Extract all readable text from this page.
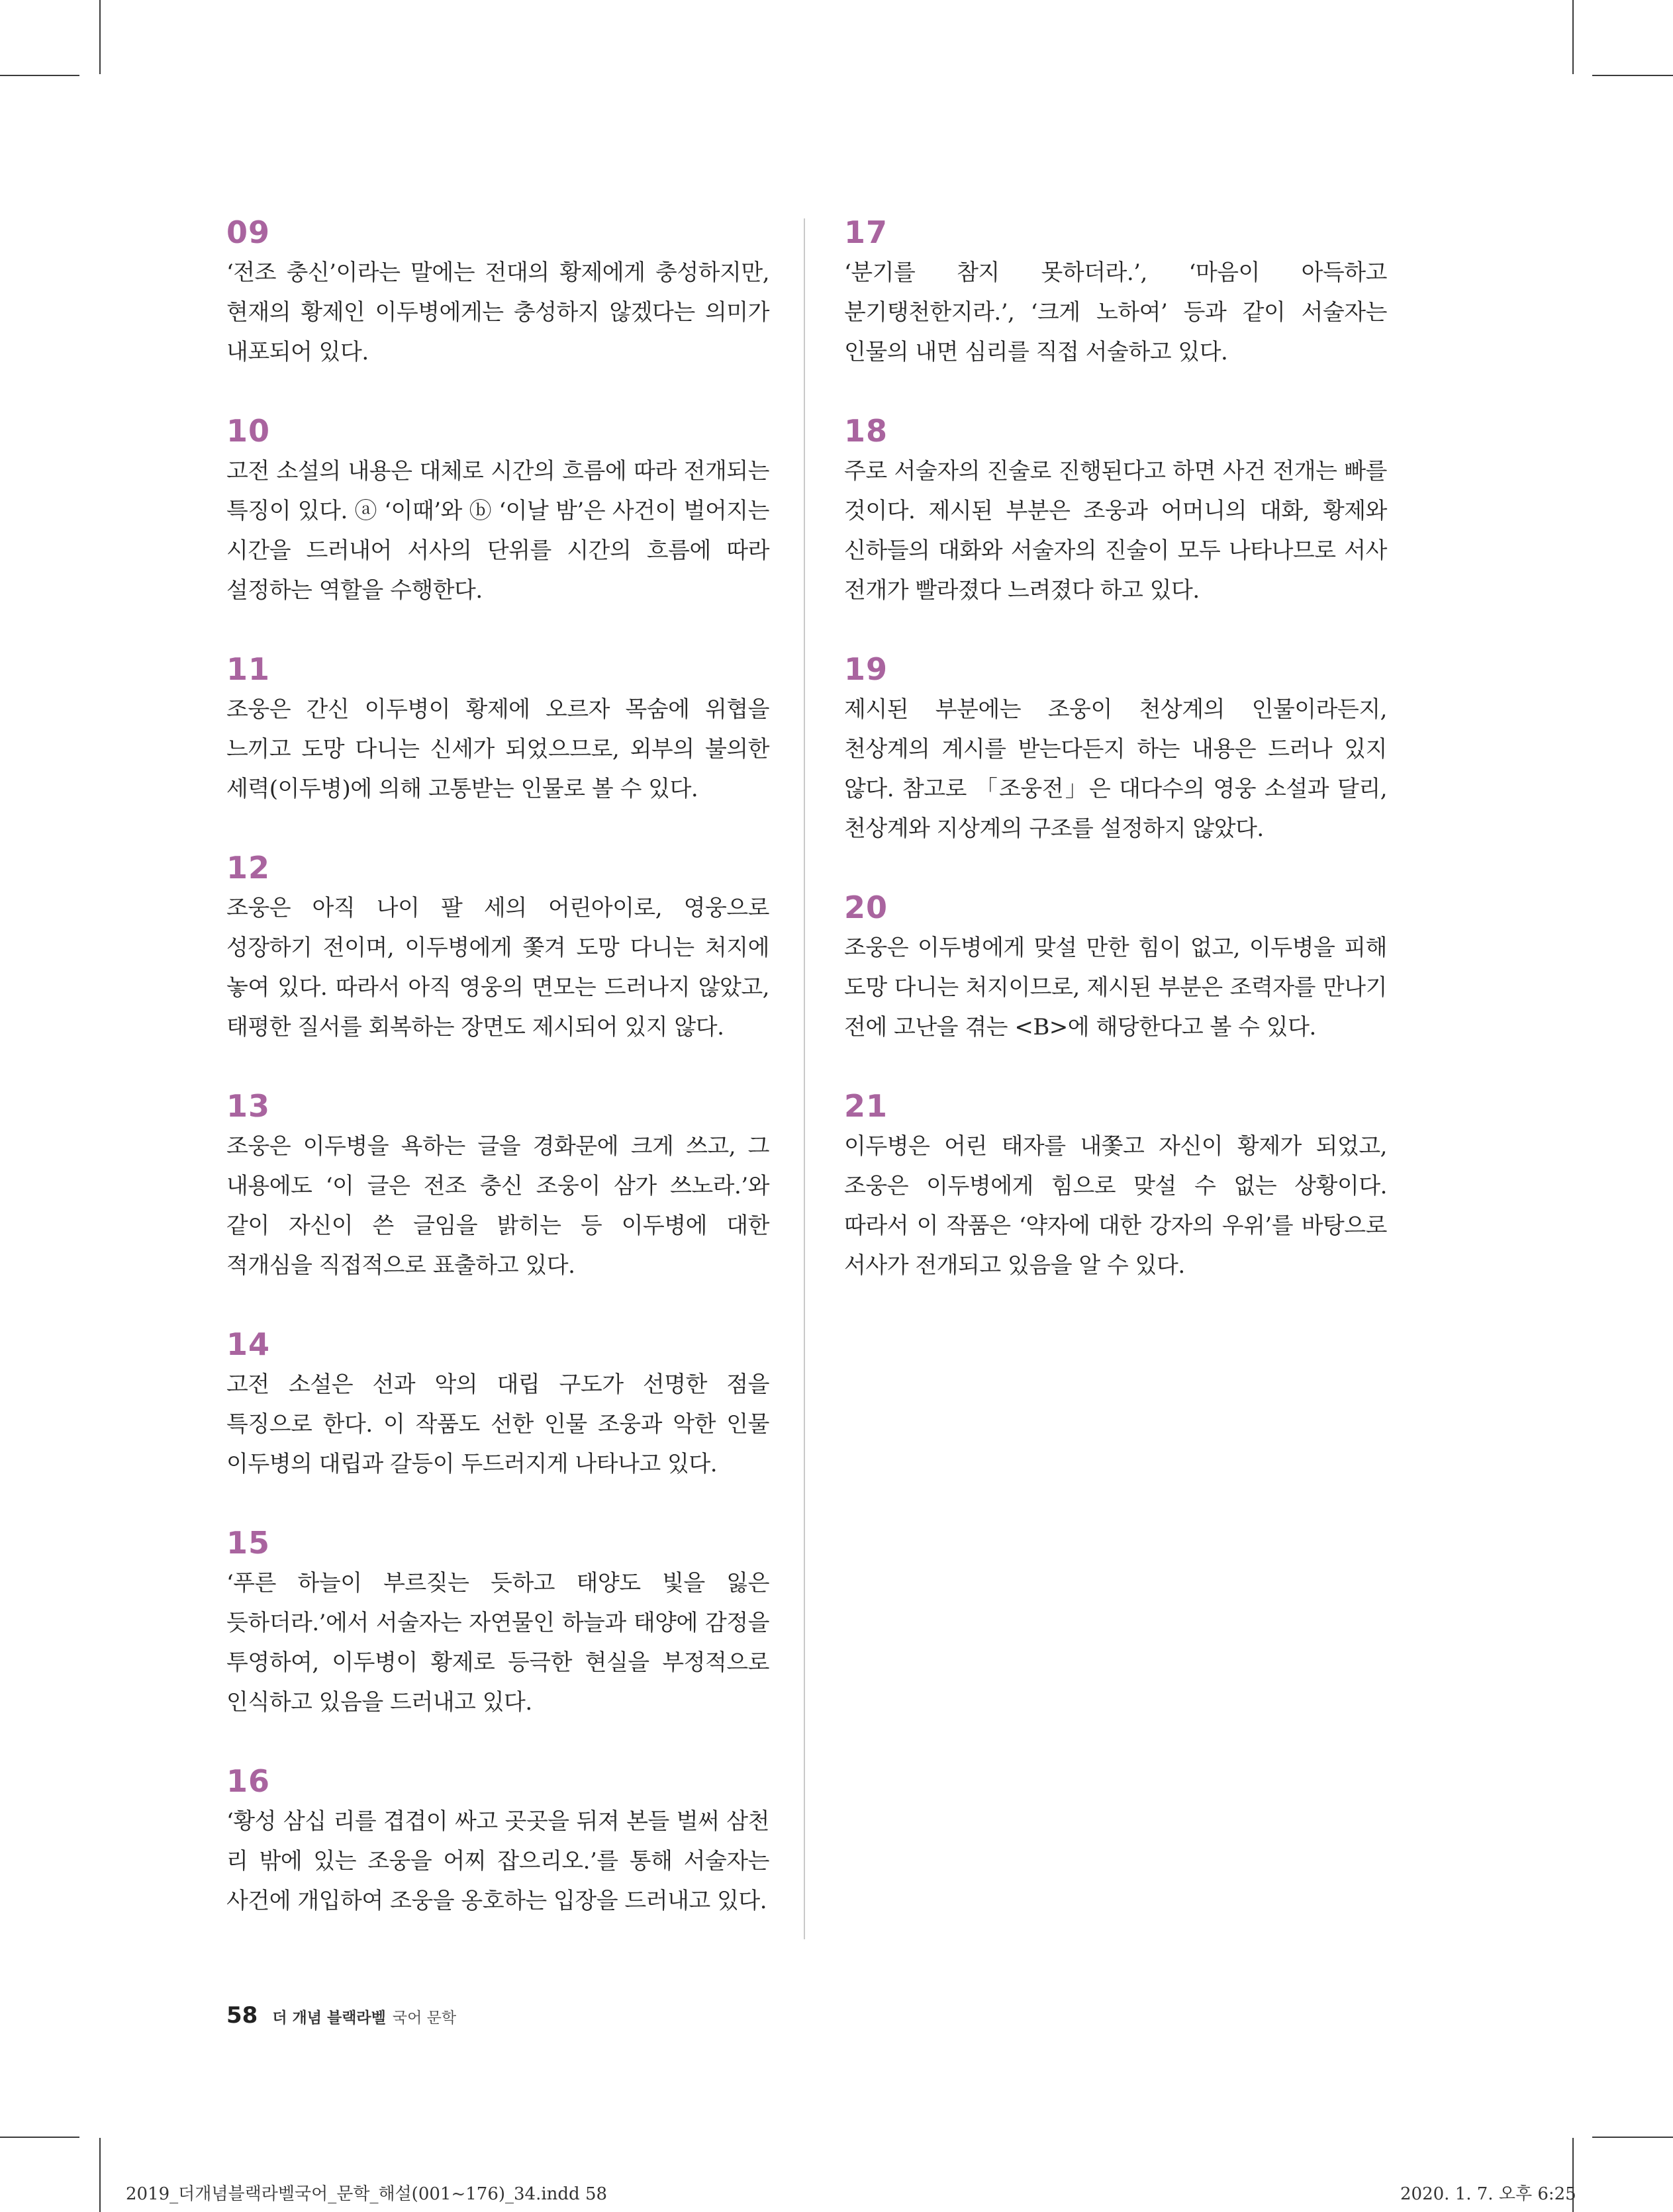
09
‘전조 충신’이라는 말에는 전대의 황제에게 충성하지만, 현재의 황제인 이두병에게는 충성하지 않겠다는 의미가 내포되어 있다.
10
고전 소설의 내용은 대체로 시간의 흐름에 따라 전개되는 특징이 있다. ⓐ ‘이때’와 ⓑ ‘이날 밤’은 사건이 벌어지는 시간을 드러내어 서사의 단위를 시간의 흐름에 따라 설정하는 역할을 수행한다.
11
조웅은 간신 이두병이 황제에 오르자 목숨에 위협을 느끼고 도망 다니는 신세가 되었으므로, 외부의 불의한 세력(이두병)에 의해 고통받는 인물로 볼 수 있다.
12
조웅은 아직 나이 팔 세의 어린아이로, 영웅으로 성장하기 전이며, 이두병에게 쫓겨 도망 다니는 처지에 놓여 있다. 따라서 아직 영웅의 면모는 드러나지 않았고, 태평한 질서를 회복하는 장면도 제시되어 있지 않다.
13
조웅은 이두병을 욕하는 글을 경화문에 크게 쓰고, 그 내용에도 ‘이 글은 전조 충신 조웅이 삼가 쓰노라.’와 같이 자신이 쓴 글임을 밝히는 등 이두병에 대한 적개심을 직접적으로 표출하고 있다.
14
고전 소설은 선과 악의 대립 구도가 선명한 점을 특징으로 한다. 이 작품도 선한 인물 조웅과 악한 인물 이두병의 대립과 갈등이 두드러지게 나타나고 있다.
15
‘푸른 하늘이 부르짖는 듯하고 태양도 빛을 잃은 듯하더라.’에서 서술자는 자연물인 하늘과 태양에 감정을 투영하여, 이두병이 황제로 등극한 현실을 부정적으로 인식하고 있음을 드러내고 있다.
16
‘황성 삼십 리를 겹겹이 싸고 곳곳을 뒤져 본들 벌써 삼천 리 밖에 있는 조웅을 어찌 잡으리오.’를 통해 서술자는 사건에 개입하여 조웅을 옹호하는 입장을 드러내고 있다.
17
‘분기를 참지 못하더라.’, ‘마음이 아득하고 분기탱천한지라.’, ‘크게 노하여’ 등과 같이 서술자는 인물의 내면 심리를 직접 서술하고 있다.
18
주로 서술자의 진술로 진행된다고 하면 사건 전개는 빠를 것이다. 제시된 부분은 조웅과 어머니의 대화, 황제와 신하들의 대화와 서술자의 진술이 모두 나타나므로 서사 전개가 빨라졌다 느려졌다 하고 있다.
19
제시된 부분에는 조웅이 천상계의 인물이라든지, 천상계의 계시를 받는다든지 하는 내용은 드러나 있지 않다. 참고로 「조웅전」은 대다수의 영웅 소설과 달리, 천상계와 지상계의 구조를 설정하지 않았다.
20
조웅은 이두병에게 맞설 만한 힘이 없고, 이두병을 피해 도망 다니는 처지이므로, 제시된 부분은 조력자를 만나기 전에 고난을 겪는 <B>에 해당한다고 볼 수 있다.
21
이두병은 어린 태자를 내쫓고 자신이 황제가 되었고, 조웅은 이두병에게 힘으로 맞설 수 없는 상황이다. 따라서 이 작품은 ‘약자에 대한 강자의 우위’를 바탕으로 서사가 전개되고 있음을 알 수 있다.
58 더 개념 블랙라벨 국어 문학
2019_더개념블랙라벨국어_문학_해설(001~176)_34.indd 58	2020. 1. 7. 오후 6:25
